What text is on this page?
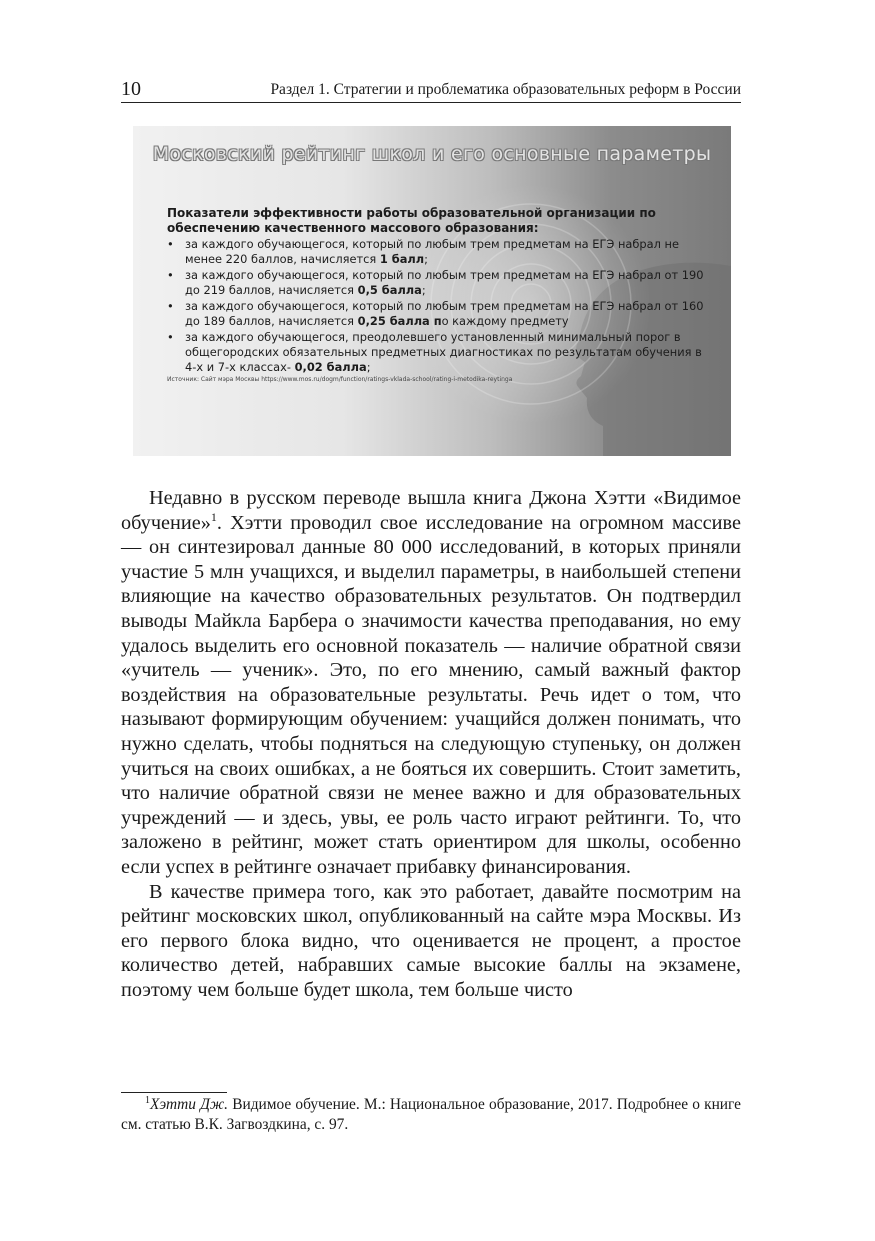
10	Раздел 1. Стратегии и проблематика образовательных реформ в России
Московский рейтинг школ и его основные параметры
Показатели эффективности работы образовательной организации по обеспечению качественного массового образования:
• за каждого обучающегося, который по любым трем предметам на ЕГЭ набрал не менее 220 баллов, начисляется 1 балл;
• за каждого обучающегося, который по любым трем предметам на ЕГЭ набрал от 190 до 219 баллов, начисляется 0,5 балла;
• за каждого обучающегося, который по любым трем предметам на ЕГЭ набрал от 160 до 189 баллов, начисляется 0,25 балла по каждому предмету
• за каждого обучающегося, преодолевшего установленный минимальный порог в общегородских обязательных предметных диагностиках по результатам обучения в 4-х и 7-х классах- 0,02 балла;
Источник: Сайт мэра Москвы https://www.mos.ru/dogm/function/ratings-vklada-school/rating-i-metodika-reytinga

Недавно в русском переводе вышла книга Джона Хэтти «Видимое обучение»$^1$. Хэтти проводил свое исследование на огромном массиве — он синтезировал данные 80 000 исследований, в которых приняли участие 5 млн учащихся, и выделил параметры, в наибольшей степени влияющие на качество образовательных результатов. Он подтвердил выводы Майкла Барбера о значимости качества преподавания, но ему удалось выделить его основной показатель — наличие обратной связи «учитель — ученик». Это, по его мнению, самый важный фактор воздействия на образовательные результаты. Речь идет о том, что называют формирующим обучением: учащийся должен понимать, что нужно сделать, чтобы подняться на следующую ступеньку, он должен учиться на своих ошибках, а не бояться их совершить. Стоит заметить, что наличие обратной связи не менее важно и для образовательных учреждений — и здесь, увы, ее роль часто играют рейтинги. То, что заложено в рейтинг, может стать ориентиром для школы, особенно если успех в рейтинге означает прибавку финансирования.

В качестве примера того, как это работает, давайте посмотрим на рейтинг московских школ, опубликованный на сайте мэра Москвы. Из его первого блока видно, что оценивается не процент, а простое количество детей, набравших самые высокие баллы на экзамене, поэтому чем больше будет школа, тем больше чисто

$^1$Хэтти Дж. Видимое обучение. М.: Национальное образование, 2017. Подробнее о книге см. статью В.К. Загвоздкина, с. 97.
